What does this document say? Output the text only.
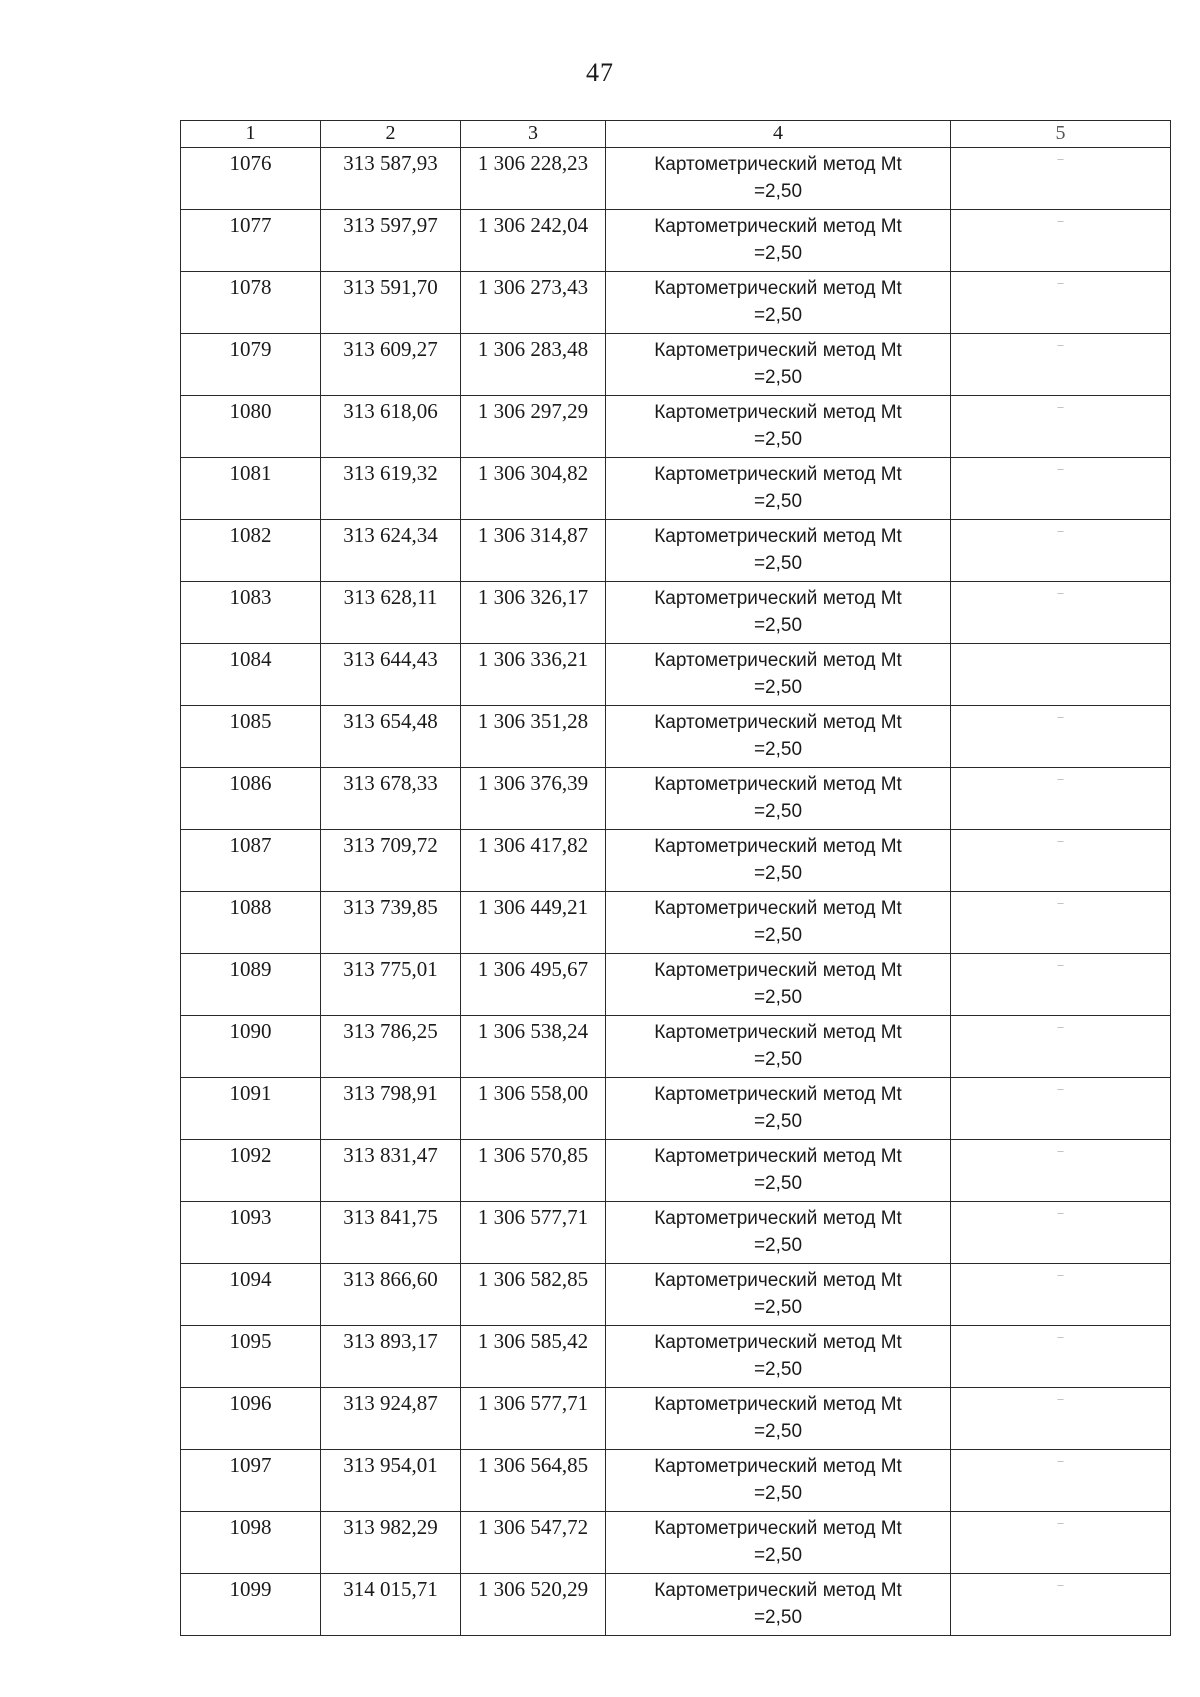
47
1	2	3	4	5
1076	313 587,93	1 306 228,23	Картометрический метод Mt
=2,50	–
1077	313 597,97	1 306 242,04	Картометрический метод Mt
=2,50	–
1078	313 591,70	1 306 273,43	Картометрический метод Mt
=2,50	–
1079	313 609,27	1 306 283,48	Картометрический метод Mt
=2,50	–
1080	313 618,06	1 306 297,29	Картометрический метод Mt
=2,50	–
1081	313 619,32	1 306 304,82	Картометрический метод Mt
=2,50	–
1082	313 624,34	1 306 314,87	Картометрический метод Mt
=2,50	–
1083	313 628,11	1 306 326,17	Картометрический метод Mt
=2,50	–
1084	313 644,43	1 306 336,21	Картометрический метод Mt
=2,50	

1085	313 654,48	1 306 351,28	Картометрический метод Mt
=2,50	–
1086	313 678,33	1 306 376,39	Картометрический метод Mt
=2,50	–
1087	313 709,72	1 306 417,82	Картометрический метод Mt
=2,50	–
1088	313 739,85	1 306 449,21	Картометрический метод Mt
=2,50	–
1089	313 775,01	1 306 495,67	Картометрический метод Mt
=2,50	–
1090	313 786,25	1 306 538,24	Картометрический метод Mt
=2,50	–
1091	313 798,91	1 306 558,00	Картометрический метод Mt
=2,50	–
1092	313 831,47	1 306 570,85	Картометрический метод Mt
=2,50	–
1093	313 841,75	1 306 577,71	Картометрический метод Mt
=2,50	–
1094	313 866,60	1 306 582,85	Картометрический метод Mt
=2,50	–
1095	313 893,17	1 306 585,42	Картометрический метод Mt
=2,50	–
1096	313 924,87	1 306 577,71	Картометрический метод Mt
=2,50	–
1097	313 954,01	1 306 564,85	Картометрический метод Mt
=2,50	–
1098	313 982,29	1 306 547,72	Картометрический метод Mt
=2,50	–
1099	314 015,71	1 306 520,29	Картометрический метод Mt
=2,50	–
